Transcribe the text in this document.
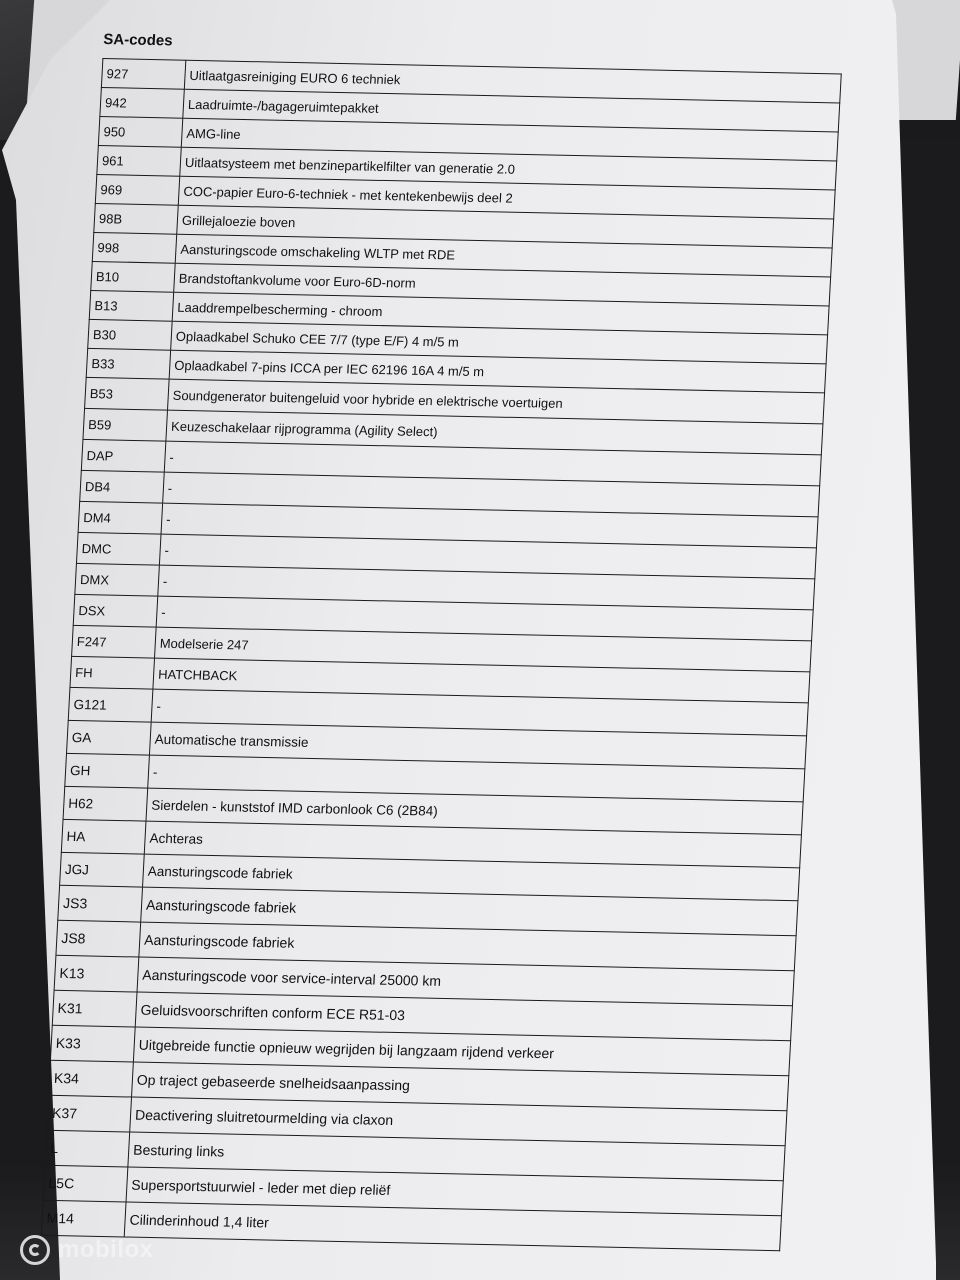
SA-codes
927	Uitlaatgasreiniging EURO 6 techniek
942	Laadruimte-/bagageruimtepakket
950	AMG-line
961	Uitlaatsysteem met benzinepartikelfilter van generatie 2.0
969	COC-papier Euro-6-techniek - met kentekenbewijs deel 2
98B	Grillejaloezie boven
998	Aansturingscode omschakeling WLTP met RDE
B10	Brandstoftankvolume voor Euro-6D-norm
B13	Laaddrempelbescherming - chroom
B30	Oplaadkabel Schuko CEE 7/7 (type E/F) 4 m/5 m
B33	Oplaadkabel 7-pins ICCA per IEC 62196 16A 4 m/5 m
B53	Soundgenerator buitengeluid voor hybride en elektrische voertuigen
B59	Keuzeschakelaar rijprogramma (Agility Select)
DAP	-
DB4	-
DM4	-
DMC	-
DMX	-
DSX	-
F247	Modelserie 247
FH	HATCHBACK
G121	-
GA	Automatische transmissie
GH	-
H62	Sierdelen - kunststof IMD carbonlook C6 (2B84)
HA	Achteras
JGJ	Aansturingscode fabriek
JS3	Aansturingscode fabriek
JS8	Aansturingscode fabriek
K13	Aansturingscode voor service-interval 25000 km
K31	Geluidsvoorschriften conform ECE R51-03
K33	Uitgebreide functie opnieuw wegrijden bij langzaam rijdend verkeer
K34	Op traject gebaseerde snelheidsaanpassing
K37	Deactivering sluitretourmelding via claxon
L	Besturing links
L5C	Supersportstuurwiel - leder met diep reliëf
M14	Cilinderinhoud 1,4 liter
mobilox
